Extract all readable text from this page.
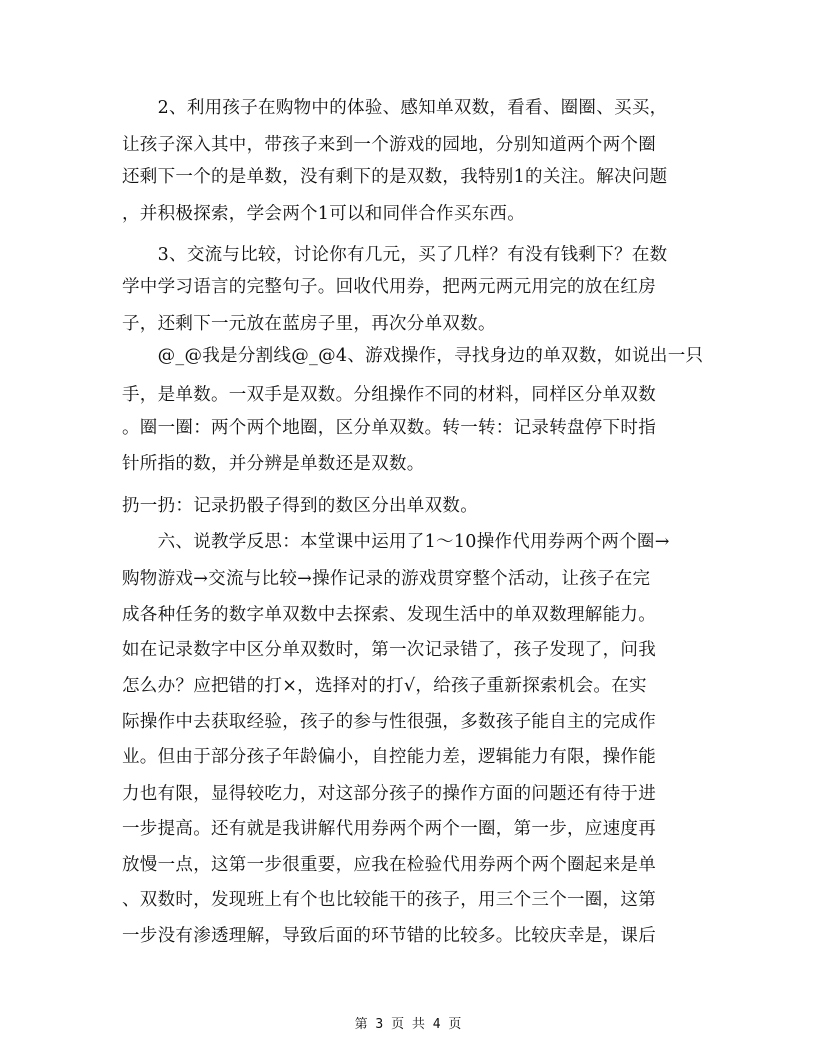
　　2、利用孩子在购物中的体验、感知单双数，看看、圈圈、买买，
让孩子深入其中，带孩子来到一个游戏的园地，分别知道两个两个圈
还剩下一个的是单数，没有剩下的是双数，我特别1的关注。解决问题
，并积极探索，学会两个1可以和同伴合作买东西。
　　3、交流与比较，讨论你有几元，买了几样？有没有钱剩下？在数
学中学习语言的完整句子。回收代用券，把两元两元用完的放在红房
子，还剩下一元放在蓝房子里，再次分单双数。
　　@_@我是分割线@_@4、游戏操作，寻找身边的单双数，如说出一只
手，是单数。一双手是双数。分组操作不同的材料，同样区分单双数
。圈一圈：两个两个地圈，区分单双数。转一转：记录转盘停下时指
针所指的数，并分辨是单数还是双数。
扔一扔：记录扔骰子得到的数区分出单双数。
　　六、说教学反思：本堂课中运用了1～10操作代用券两个两个圈→
购物游戏→交流与比较→操作记录的游戏贯穿整个活动，让孩子在完
成各种任务的数字单双数中去探索、发现生活中的单双数理解能力。
如在记录数字中区分单双数时，第一次记录错了，孩子发现了，问我
怎么办？应把错的打×，选择对的打√，给孩子重新探索机会。在实
际操作中去获取经验，孩子的参与性很强，多数孩子能自主的完成作
业。但由于部分孩子年龄偏小，自控能力差，逻辑能力有限，操作能
力也有限，显得较吃力，对这部分孩子的操作方面的问题还有待于进
一步提高。还有就是我讲解代用券两个两个一圈，第一步，应速度再
放慢一点，这第一步很重要，应我在检验代用券两个两个圈起来是单
、双数时，发现班上有个也比较能干的孩子，用三个三个一圈，这第
一步没有渗透理解，导致后面的环节错的比较多。比较庆幸是，课后
第 3 页 共 4 页
